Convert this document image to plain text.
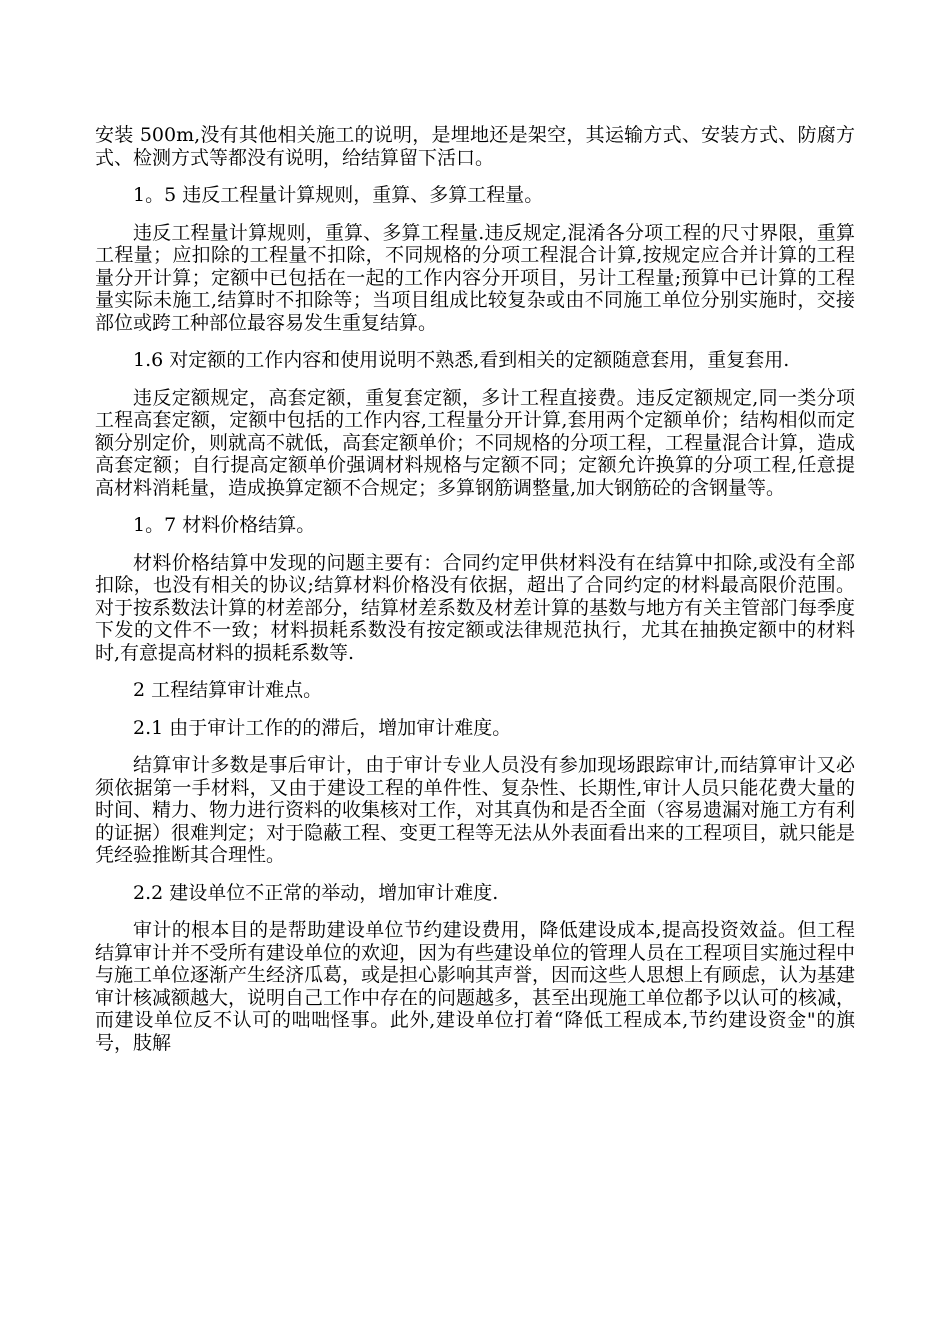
安装 500m,没有其他相关施工的说明，是埋地还是架空，其运输方式、安装方式、防腐方式、检测方式等都没有说明，给结算留下活口。

1。5 违反工程量计算规则，重算、多算工程量。

违反工程量计算规则，重算、多算工程量.违反规定,混淆各分项工程的尺寸界限，重算工程量；应扣除的工程量不扣除，不同规格的分项工程混合计算,按规定应合并计算的工程量分开计算；定额中已包括在一起的工作内容分开项目，另计工程量;预算中已计算的工程量实际未施工,结算时不扣除等；当项目组成比较复杂或由不同施工单位分别实施时，交接部位或跨工种部位最容易发生重复结算。

1.6 对定额的工作内容和使用说明不熟悉,看到相关的定额随意套用，重复套用.

违反定额规定，高套定额，重复套定额，多计工程直接费。违反定额规定,同一类分项工程高套定额，定额中包括的工作内容,工程量分开计算,套用两个定额单价；结构相似而定额分别定价，则就高不就低，高套定额单价；不同规格的分项工程，工程量混合计算，造成高套定额；自行提高定额单价强调材料规格与定额不同；定额允许换算的分项工程,任意提高材料消耗量，造成换算定额不合规定；多算钢筋调整量,加大钢筋砼的含钢量等。

1。7 材料价格结算。

材料价格结算中发现的问题主要有：合同约定甲供材料没有在结算中扣除,或没有全部扣除，也没有相关的协议;结算材料价格没有依据，超出了合同约定的材料最高限价范围。对于按系数法计算的材差部分，结算材差系数及材差计算的基数与地方有关主管部门每季度下发的文件不一致；材料损耗系数没有按定额或法律规范执行，尤其在抽换定额中的材料时,有意提高材料的损耗系数等.

2 工程结算审计难点。

2.1 由于审计工作的的滞后，增加审计难度。

结算审计多数是事后审计，由于审计专业人员没有参加现场跟踪审计,而结算审计又必须依据第一手材料，又由于建设工程的单件性、复杂性、长期性,审计人员只能花费大量的时间、精力、物力进行资料的收集核对工作，对其真伪和是否全面（容易遗漏对施工方有利的证据）很难判定；对于隐蔽工程、变更工程等无法从外表面看出来的工程项目，就只能是凭经验推断其合理性。

2.2 建设单位不正常的举动，增加审计难度.

审计的根本目的是帮助建设单位节约建设费用，降低建设成本,提高投资效益。但工程结算审计并不受所有建设单位的欢迎，因为有些建设单位的管理人员在工程项目实施过程中与施工单位逐渐产生经济瓜葛，或是担心影响其声誉，因而这些人思想上有顾虑，认为基建审计核减额越大，说明自己工作中存在的问题越多，甚至出现施工单位都予以认可的核减，而建设单位反不认可的咄咄怪事。此外,建设单位打着“降低工程成本,节约建设资金"的旗号，肢解
